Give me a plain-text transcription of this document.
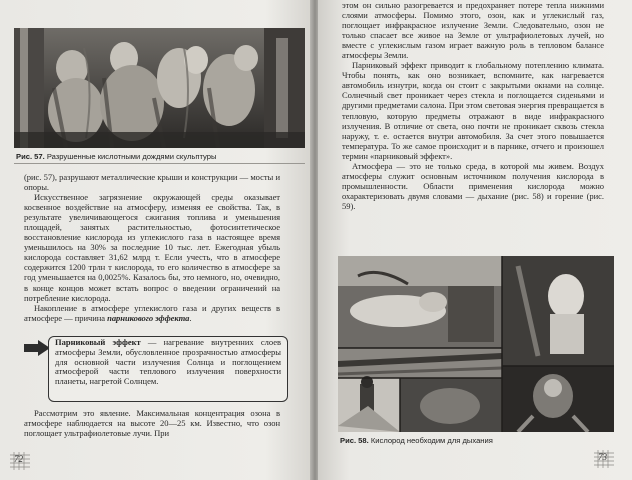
Рис. 57. Разрушенные кислотными дождями скульптуры

(рис. 57), разрушают металлические крыши и конструкции — мосты и опоры.

Искусственное загрязнение окружающей среды оказывает косвенное воздействие на атмосферу, изменяя ее свойства. Так, в результате увеличивающегося сжигания топлива и уменьшения площадей, занятых растительностью, фотосинтетическое восстановление кислорода из углекислого газа в настоящее время уменьшилось на 30% за последние 10 тыс. лет. Ежегодная убыль кислорода составляет 31,62 млрд т. Если учесть, что в атмосфере содержится 1200 трлн т кислорода, то его количество в атмосфере за год уменьшается на 0,0025%. Казалось бы, это немного, но, очевидно, в конце концов может встать вопрос о введении ограничений на потребление кислорода.

Накопление в атмосфере углекислого газа и других веществ в атмосфере — причина парникового эффекта.

Парниковый эффект — нагревание внутренних слоев атмосферы Земли, обусловленное прозрачностью атмосферы для основной части излучения Солнца и поглощением атмосферой части теплового излучения поверхности планеты, нагретой Солнцем.

Рассмотрим это явление. Максимальная концентрация озона в атмосфере наблюдается на высоте 20—25 км. Известно, что озон поглощает ультрафиолетовые лучи. При

72

этом он сильно разогревается и предохраняет потере тепла нижними слоями атмосферы. Помимо этого, озон, как и углекислый газ, поглощает инфракрасное излучение Земли. Следовательно, озон не только спасает все живое на Земле от ультрафиолетовых лучей, но вместе с углекислым газом играет важную роль в тепловом балансе атмосферы Земли.

Парниковый эффект приводит к глобальному потеплению климата. Чтобы понять, как оно возникает, вспомните, как нагревается автомобиль изнутри, когда он стоит с закрытыми окнами на солнце. Солнечный свет проникает через стекла и поглощается сиденьями и другими предметами салона. При этом световая энергия превращается в тепловую, которую предметы отражают в виде инфракрасного излучения. В отличие от света, оно почти не проникает сквозь стекла наружу, т. е. остается внутри автомобиля. За счет этого повышается температура. То же самое происходит и в парнике, отчего и произошел термин «парниковый эффект».

Атмосфера — это не только среда, в которой мы живем. Воздух атмосферы служит основным источником получения кислорода в промышленности. Области применения кислорода можно охарактеризовать двумя словами — дыхание (рис. 58) и горение (рис. 59).

Рис. 58. Кислород необходим для дыхания
73
